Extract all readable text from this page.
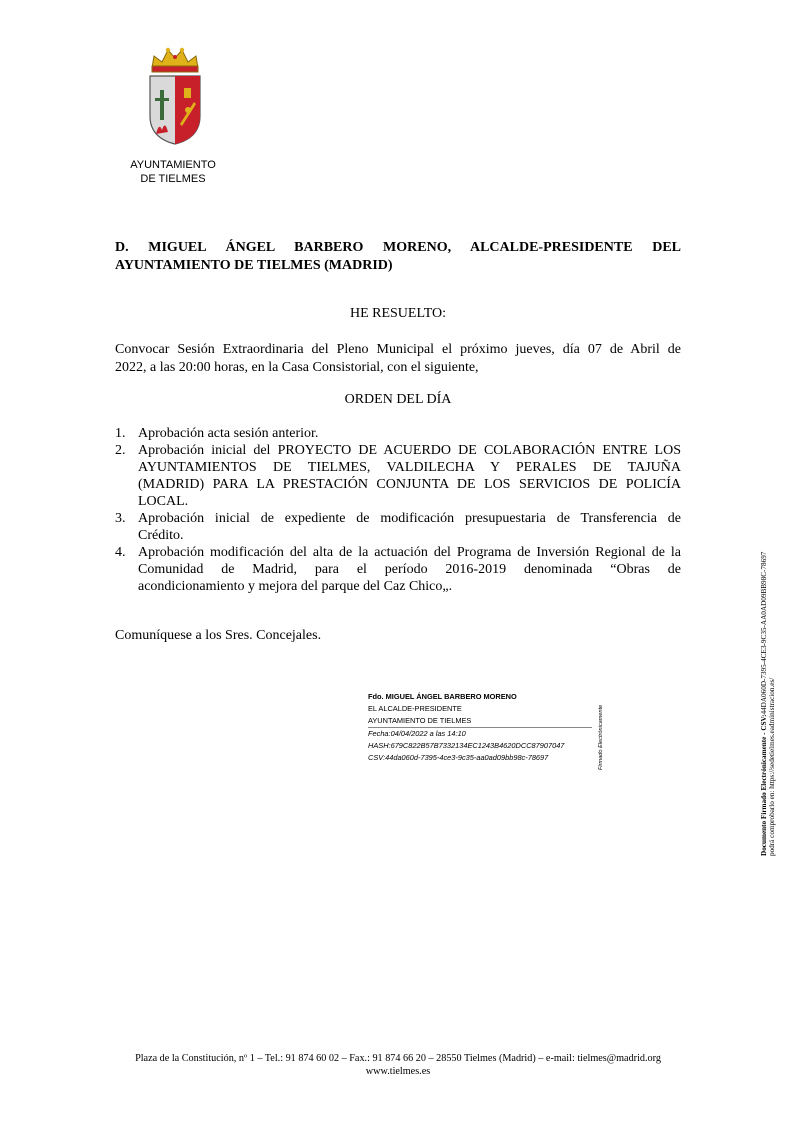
AYUNTAMIENTO
DE TIELMES
D. MIGUEL ÁNGEL BARBERO MORENO, ALCALDE-PRESIDENTE DEL
AYUNTAMIENTO DE TIELMES (MADRID)
HE RESUELTO:
Convocar Sesión Extraordinaria del Pleno Municipal el próximo jueves, día 07 de Abril de
2022, a las 20:00 horas, en la Casa Consistorial, con el siguiente,
ORDEN DEL DÍA
1. Aprobación acta sesión anterior.
2. Aprobación inicial del PROYECTO DE ACUERDO DE COLABORACIÓN ENTRE LOS
AYUNTAMIENTOS DE TIELMES, VALDILECHA Y PERALES DE TAJUÑA
(MADRID) PARA LA PRESTACIÓN CONJUNTA DE LOS SERVICIOS DE POLICÍA
LOCAL.
3. Aprobación inicial de expediente de modificación presupuestaria de Transferencia de
Crédito.
4. Aprobación modificación del alta de la actuación del Programa de Inversión Regional de la
Comunidad de Madrid, para el período 2016-2019 denominada “Obras de
acondicionamiento y mejora del parque del Caz Chico„.
Comuníquese a los Sres. Concejales.
Fdo. MIGUEL ÁNGEL BARBERO MORENO
EL ALCALDE-PRESIDENTE
AYUNTAMIENTO DE TIELMES
Fecha:04/04/2022 a las 14:10
HASH:679C822B57B7332134EC1243B4620DCC87907047
CSV:44da060d-7395-4ce3-9c35-aa0ad09bb98c-78697	Firmado Electrónicamente	Documento Firmado Electrónicamente - CSV:44DA060D-7395-4CE3-9C35-AA0AD09BB98C-78697
podrá comprobarlo en: https://sedetielmes.eadministracion.es/
Plaza de la Constitución, nº 1 – Tel.: 91 874 60 02 – Fax.: 91 874 66 20 – 28550 Tielmes (Madrid) – e-mail: tielmes@madrid.org
www.tielmes.es
